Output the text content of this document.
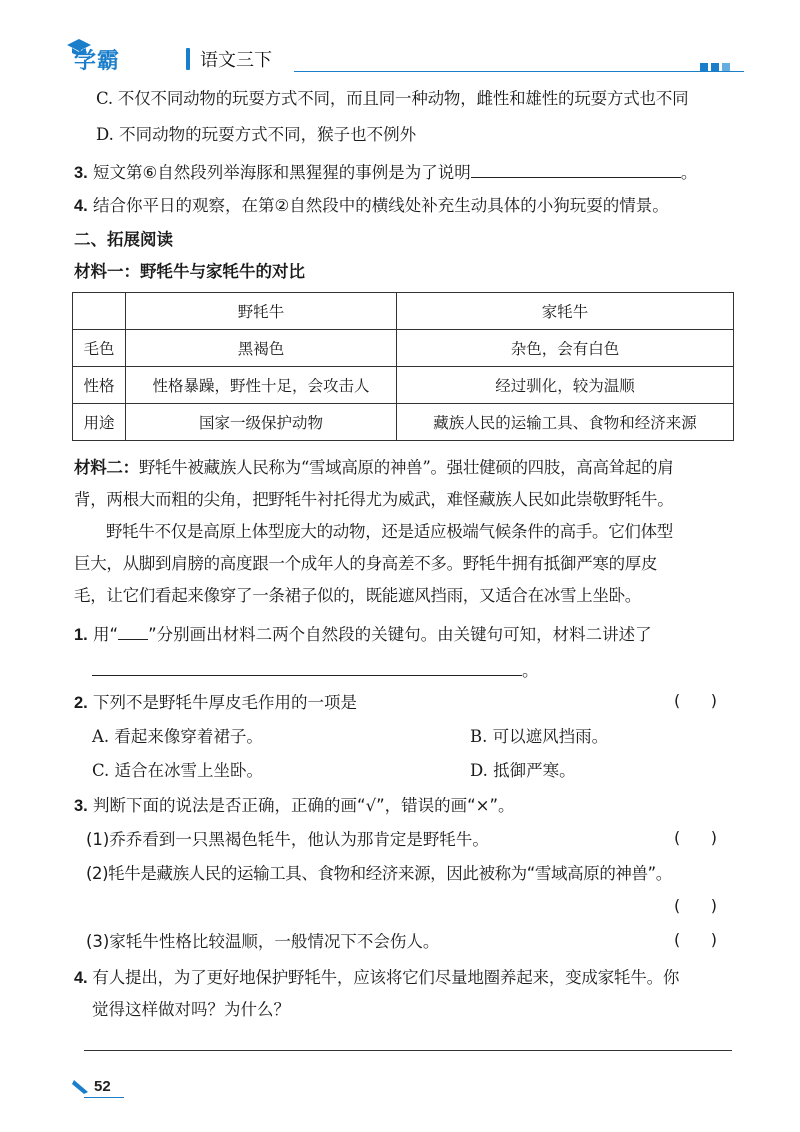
学霸	语文三下
C. 不仅不同动物的玩耍方式不同，而且同一种动物，雌性和雄性的玩耍方式也不同
D. 不同动物的玩耍方式不同，猴子也不例外
3. 短文第⑥自然段列举海豚和黑猩猩的事例是为了说明	。
4. 结合你平日的观察，在第②自然段中的横线处补充生动具体的小狗玩耍的情景。
二、拓展阅读
材料一：野牦牛与家牦牛的对比
	野牦牛	家牦牛
毛色	黑褐色	杂色，会有白色
性格	性格暴躁，野性十足，会攻击人	经过驯化，较为温顺
用途	国家一级保护动物	藏族人民的运输工具、食物和经济来源
材料二：野牦牛被藏族人民称为“雪域高原的神兽”。强壮健硕的四肢，高高耸起的肩
背，两根大而粗的尖角，把野牦牛衬托得尤为威武，难怪藏族人民如此崇敬野牦牛。
野牦牛不仅是高原上体型庞大的动物，还是适应极端气候条件的高手。它们体型
巨大，从脚到肩膀的高度跟一个成年人的身高差不多。野牦牛拥有抵御严寒的厚皮
毛，让它们看起来像穿了一条裙子似的，既能遮风挡雨，又适合在冰雪上坐卧。
1. 用“ ”分别画出材料二两个自然段的关键句。由关键句可知，材料二讲述了
。
2. 下列不是野牦牛厚皮毛作用的一项是	(      )
A. 看起来像穿着裙子。	B. 可以遮风挡雨。
C. 适合在冰雪上坐卧。	D. 抵御严寒。
3. 判断下面的说法是否正确，正确的画“√”，错误的画“×”。
(1)乔乔看到一只黑褐色牦牛，他认为那肯定是野牦牛。	(      )
(2)牦牛是藏族人民的运输工具、食物和经济来源，因此被称为“雪域高原的神兽”。
(      )
(3)家牦牛性格比较温顺，一般情况下不会伤人。	(      )
4. 有人提出，为了更好地保护野牦牛，应该将它们尽量地圈养起来，变成家牦牛。你
觉得这样做对吗？为什么？
52
